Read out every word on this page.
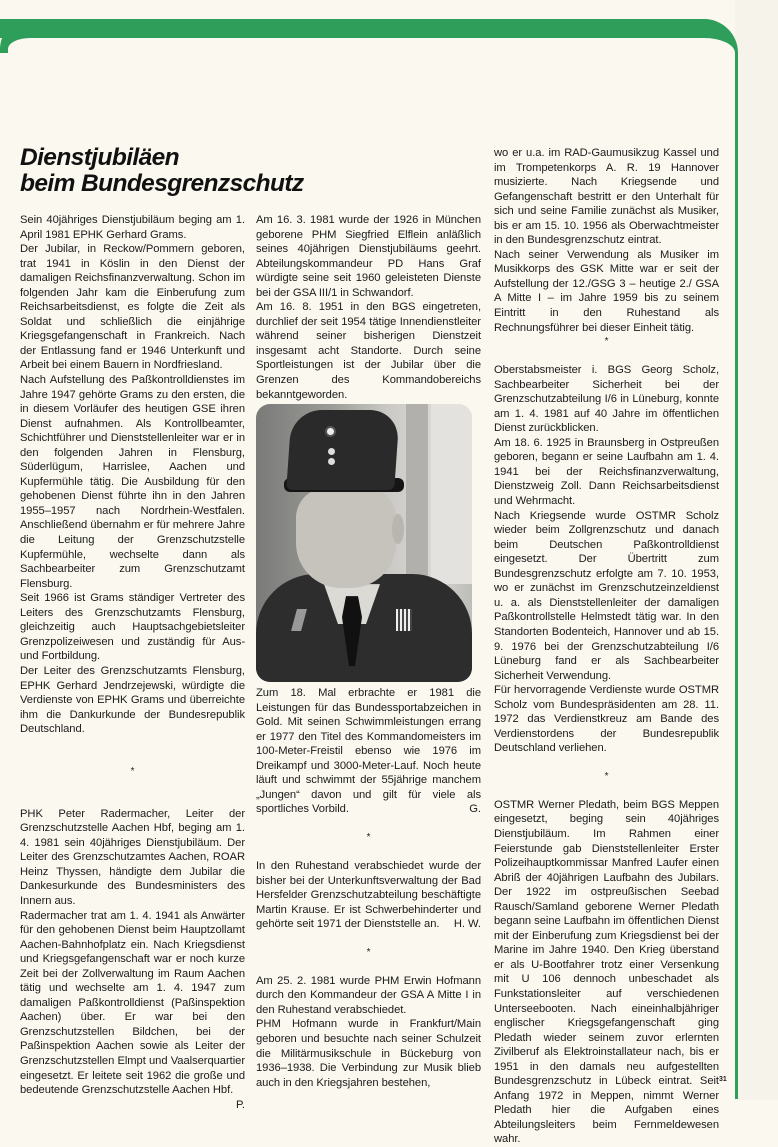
Dienstjubiläen
beim Bundesgrenzschutz

Sein 40jähriges Dienstjubiläum beging am 1. April 1981 EPHK Gerhard Grams.

Der Jubilar, in Reckow/Pommern geboren, trat 1941 in Köslin in den Dienst der damaligen Reichsfinanzverwaltung. Schon im folgenden Jahr kam die Einberufung zum Reichsarbeitsdienst, es folgte die Zeit als Soldat und schließlich die einjährige Kriegsgefangenschaft in Frankreich. Nach der Entlassung fand er 1946 Unterkunft und Arbeit bei einem Bauern in Nordfriesland.

Nach Aufstellung des Paßkontrolldienstes im Jahre 1947 gehörte Grams zu den ersten, die in diesem Vorläufer des heutigen GSE ihren Dienst aufnahmen. Als Kontrollbeamter, Schichtführer und Dienststellenleiter war er in den folgenden Jahren in Flensburg, Süderlügum, Harrislee, Aachen und Kupfermühle tätig. Die Ausbildung für den gehobenen Dienst führte ihn in den Jahren 1955–1957 nach Nordrhein-Westfalen. Anschließend übernahm er für mehrere Jahre die Leitung der Grenzschutzstelle Kupfermühle, wechselte dann als Sachbearbeiter zum Grenzschutzamt Flensburg.

Seit 1966 ist Grams ständiger Vertreter des Leiters des Grenzschutzamts Flensburg, gleichzeitig auch Hauptsachgebietsleiter Grenzpolizeiwesen und zuständig für Aus- und Fortbildung.

Der Leiter des Grenzschutzamts Flensburg, EPHK Gerhard Jendrzejewski, würdigte die Verdienste von EPHK Grams und überreichte ihm die Dankurkunde der Bundesrepublik Deutschland.

*

PHK Peter Radermacher, Leiter der Grenzschutzstelle Aachen Hbf, beging am 1. 4. 1981 sein 40jähriges Dienstjubiläum. Der Leiter des Grenzschutzamtes Aachen, ROAR Heinz Thyssen, händigte dem Jubilar die Dankesurkunde des Bundesministers des Innern aus.

Radermacher trat am 1. 4. 1941 als Anwärter für den gehobenen Dienst beim Hauptzollamt Aachen-Bahnhofplatz ein. Nach Kriegsdienst und Kriegsgefangenschaft war er noch kurze Zeit bei der Zollverwaltung im Raum Aachen tätig und wechselte am 1. 4. 1947 zum damaligen Paßkontrolldienst (Paßinspektion Aachen) über. Er war bei den Grenzschutzstellen Bildchen, bei der Paßinspektion Aachen sowie als Leiter der Grenzschutzstellen Elmpt und Vaalserquartier eingesetzt. Er leitete seit 1962 die große und bedeutende Grenzschutzstelle Aachen Hbf.

P.

Am 16. 3. 1981 wurde der 1926 in München geborene PHM Siegfried Elflein anläßlich seines 40jährigen Dienstjubiläums geehrt. Abteilungskommandeur PD Hans Graf würdigte seine seit 1960 geleisteten Dienste bei der GSA III/1 in Schwandorf.

Am 16. 8. 1951 in den BGS eingetreten, durchlief der seit 1954 tätige Innendienstleiter während seiner bisherigen Dienstzeit insgesamt acht Standorte. Durch seine Sportleistungen ist der Jubilar über die Grenzen des Kommandobereichs bekanntgeworden.

Zum 18. Mal erbrachte er 1981 die Leistungen für das Bundessportabzeichen in Gold. Mit seinen Schwimmleistungen errang er 1977 den Titel des Kommandomeisters im 100-Meter-Freistil ebenso wie 1976 im Dreikampf und 3000-Meter-Lauf. Noch heute läuft und schwimmt der 55jährige manchem „Jungen“ davon und gilt für viele als sportliches Vorbild.	G.
*

In den Ruhestand verabschiedet wurde der bisher bei der Unterkunftsverwaltung der Bad Hersfelder Grenzschutzabteilung beschäftigte Martin Krause. Er ist Schwerbehinderter und gehörte seit 1971 der Dienststelle an.	H. W.
*

Am 25. 2. 1981 wurde PHM Erwin Hofmann durch den Kommandeur der GSA A Mitte I in den Ruhestand verabschiedet.

PHM Hofmann wurde in Frankfurt/Main geboren und besuchte nach seiner Schulzeit die Militärmusikschule in Bückeburg von 1936–1938. Die Verbindung zur Musik blieb auch in den Kriegsjahren bestehen,

wo er u.a. im RAD-Gaumusikzug Kassel und im Trompetenkorps A. R. 19 Hannover musizierte. Nach Kriegsende und Gefangenschaft bestritt er den Unterhalt für sich und seine Familie zunächst als Musiker, bis er am 15. 10. 1956 als Oberwachtmeister in den Bundesgrenzschutz eintrat.

Nach seiner Verwendung als Musiker im Musikkorps des GSK Mitte war er seit der Aufstellung der 12./GSG 3 – heutige 2./ GSA A Mitte I – im Jahre 1959 bis zu seinem Eintritt in den Ruhestand als Rechnungsführer bei dieser Einheit tätig.

*

Oberstabsmeister i. BGS Georg Scholz, Sachbearbeiter Sicherheit bei der Grenzschutzabteilung I/6 in Lüneburg, konnte am 1. 4. 1981 auf 40 Jahre im öffentlichen Dienst zurückblicken.

Am 18. 6. 1925 in Braunsberg in Ostpreußen geboren, begann er seine Laufbahn am 1. 4. 1941 bei der Reichsfinanzverwaltung, Dienstzweig Zoll. Dann Reichsarbeitsdienst und Wehrmacht.

Nach Kriegsende wurde OSTMR Scholz wieder beim Zollgrenzschutz und danach beim Deutschen Paßkontrolldienst eingesetzt. Der Übertritt zum Bundesgrenzschutz erfolgte am 7. 10. 1953, wo er zunächst im Grenzschutzeinzeldienst u. a. als Dienststellenleiter der damaligen Paßkontrollstelle Helmstedt tätig war. In den Standorten Bodenteich, Hannover und ab 15. 9. 1976 bei der Grenzschutzabteilung I/6 Lüneburg fand er als Sachbearbeiter Sicherheit Verwendung.

Für hervorragende Verdienste wurde OSTMR Scholz vom Bundespräsidenten am 28. 11. 1972 das Verdienstkreuz am Bande des Verdienstordens der Bundesrepublik Deutschland verliehen.

*

OSTMR Werner Pledath, beim BGS Meppen eingesetzt, beging sein 40jähriges Dienstjubiläum. Im Rahmen einer Feierstunde gab Dienststellenleiter Erster Polizeihauptkommissar Manfred Laufer einen Abriß der 40jährigen Laufbahn des Jubilars. Der 1922 im ostpreußischen Seebad Rausch/Samland geborene Werner Pledath begann seine Laufbahn im öffentlichen Dienst mit der Einberufung zum Kriegsdienst bei der Marine im Jahre 1940. Den Krieg überstand er als U-Bootfahrer trotz einer Versenkung mit U 106 dennoch unbeschadet als Funkstationsleiter auf verschiedenen Unterseebooten. Nach eineinhalbjähriger englischer Kriegsgefangenschaft ging Pledath wieder seinem zuvor erlernten Zivilberuf als Elektroinstallateur nach, bis er 1951 in den damals neu aufgestellten Bundesgrenzschutz in Lübeck eintrat. Seit Anfang 1972 in Meppen, nimmt Werner Pledath hier die Aufgaben eines Abteilungsleiters beim Fernmeldewesen wahr.

31
